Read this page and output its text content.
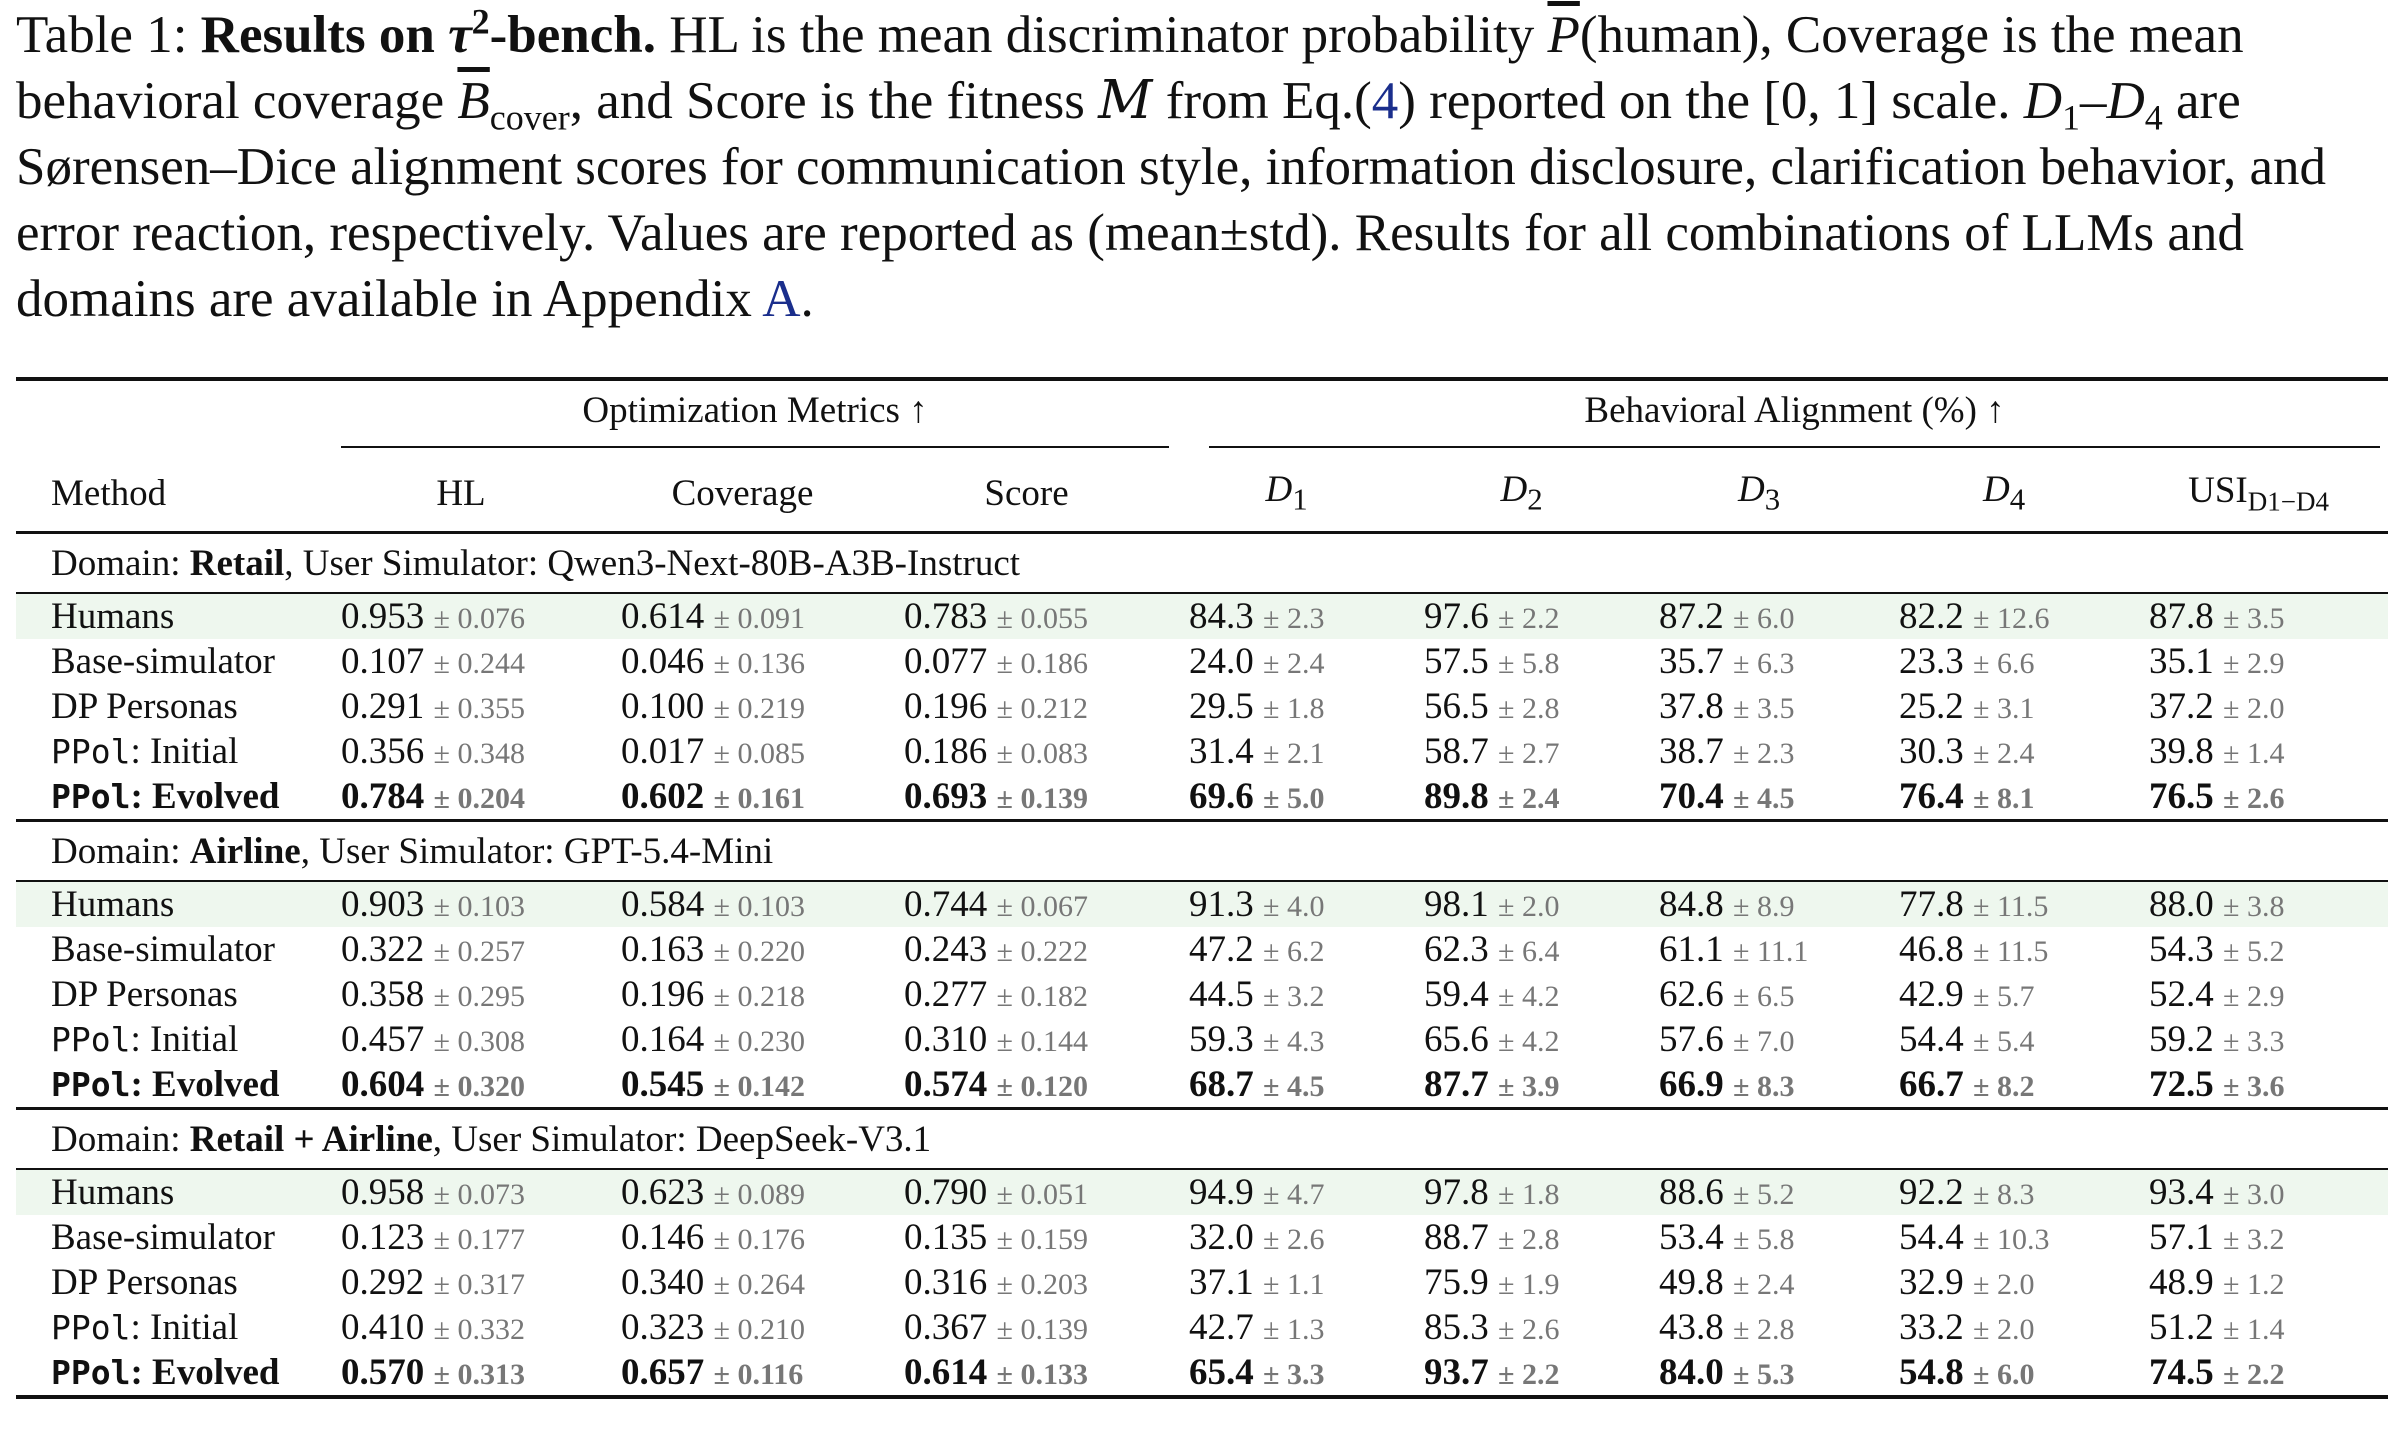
Table 1: Results on $\tau^2$-bench. HL is the mean discriminator probability $\overline{P}(human)$, Coverage is the mean behavioral coverage $\overline{B}_{cover}$, and Score is the fitness M from Eq.(4) reported on the [0, 1] scale. $D_1-D_4$ are Sørensen–Dice alignment scores for communication style, information disclosure, clarification behavior, and error reaction, respectively. Values are reported as (mean±std). Results for all combinations of LLMs and domains are available in Appendix A.

	Optimization Metrics ↑			Behavioral Alignment (%) ↑				

Method	HL	Coverage	Score	$D_1$	$D_2$	$D_3$	$D_4$	$USI_{D1-D4}$
Domain: Retail, User Simulator: Qwen3-Next-80B-A3B-Instruct								
Humans	0.953 ± 0.076	0.614 ± 0.091	0.783 ± 0.055	84.3 ± 2.3	97.6 ± 2.2	87.2 ± 6.0	82.2 ± 12.6	87.8 ± 3.5
Base-simulator	0.107 ± 0.244	0.046 ± 0.136	0.077 ± 0.186	24.0 ± 2.4	57.5 ± 5.8	35.7 ± 6.3	23.3 ± 6.6	35.1 ± 2.9
DP Personas	0.291 ± 0.355	0.100 ± 0.219	0.196 ± 0.212	29.5 ± 1.8	56.5 ± 2.8	37.8 ± 3.5	25.2 ± 3.1	37.2 ± 2.0
PPol: Initial	0.356 ± 0.348	0.017 ± 0.085	0.186 ± 0.083	31.4 ± 2.1	58.7 ± 2.7	38.7 ± 2.3	30.3 ± 2.4	39.8 ± 1.4
PPol: Evolved	0.784 ± 0.204	0.602 ± 0.161	0.693 ± 0.139	69.6 ± 5.0	89.8 ± 2.4	70.4 ± 4.5	76.4 ± 8.1	76.5 ± 2.6
Domain: Airline, User Simulator: GPT-5.4-Mini								
Humans	0.903 ± 0.103	0.584 ± 0.103	0.744 ± 0.067	91.3 ± 4.0	98.1 ± 2.0	84.8 ± 8.9	77.8 ± 11.5	88.0 ± 3.8
Base-simulator	0.322 ± 0.257	0.163 ± 0.220	0.243 ± 0.222	47.2 ± 6.2	62.3 ± 6.4	61.1 ± 11.1	46.8 ± 11.5	54.3 ± 5.2
DP Personas	0.358 ± 0.295	0.196 ± 0.218	0.277 ± 0.182	44.5 ± 3.2	59.4 ± 4.2	62.6 ± 6.5	42.9 ± 5.7	52.4 ± 2.9
PPol: Initial	0.457 ± 0.308	0.164 ± 0.230	0.310 ± 0.144	59.3 ± 4.3	65.6 ± 4.2	57.6 ± 7.0	54.4 ± 5.4	59.2 ± 3.3
PPol: Evolved	0.604 ± 0.320	0.545 ± 0.142	0.574 ± 0.120	68.7 ± 4.5	87.7 ± 3.9	66.9 ± 8.3	66.7 ± 8.2	72.5 ± 3.6
Domain: Retail + Airline, User Simulator: DeepSeek-V3.1								
Humans	0.958 ± 0.073	0.623 ± 0.089	0.790 ± 0.051	94.9 ± 4.7	97.8 ± 1.8	88.6 ± 5.2	92.2 ± 8.3	93.4 ± 3.0
Base-simulator	0.123 ± 0.177	0.146 ± 0.176	0.135 ± 0.159	32.0 ± 2.6	88.7 ± 2.8	53.4 ± 5.8	54.4 ± 10.3	57.1 ± 3.2
DP Personas	0.292 ± 0.317	0.340 ± 0.264	0.316 ± 0.203	37.1 ± 1.1	75.9 ± 1.9	49.8 ± 2.4	32.9 ± 2.0	48.9 ± 1.2
PPol: Initial	0.410 ± 0.332	0.323 ± 0.210	0.367 ± 0.139	42.7 ± 1.3	85.3 ± 2.6	43.8 ± 2.8	33.2 ± 2.0	51.2 ± 1.4
PPol: Evolved	0.570 ± 0.313	0.657 ± 0.116	0.614 ± 0.133	65.4 ± 3.3	93.7 ± 2.2	84.0 ± 5.3	54.8 ± 6.0	74.5 ± 2.2
